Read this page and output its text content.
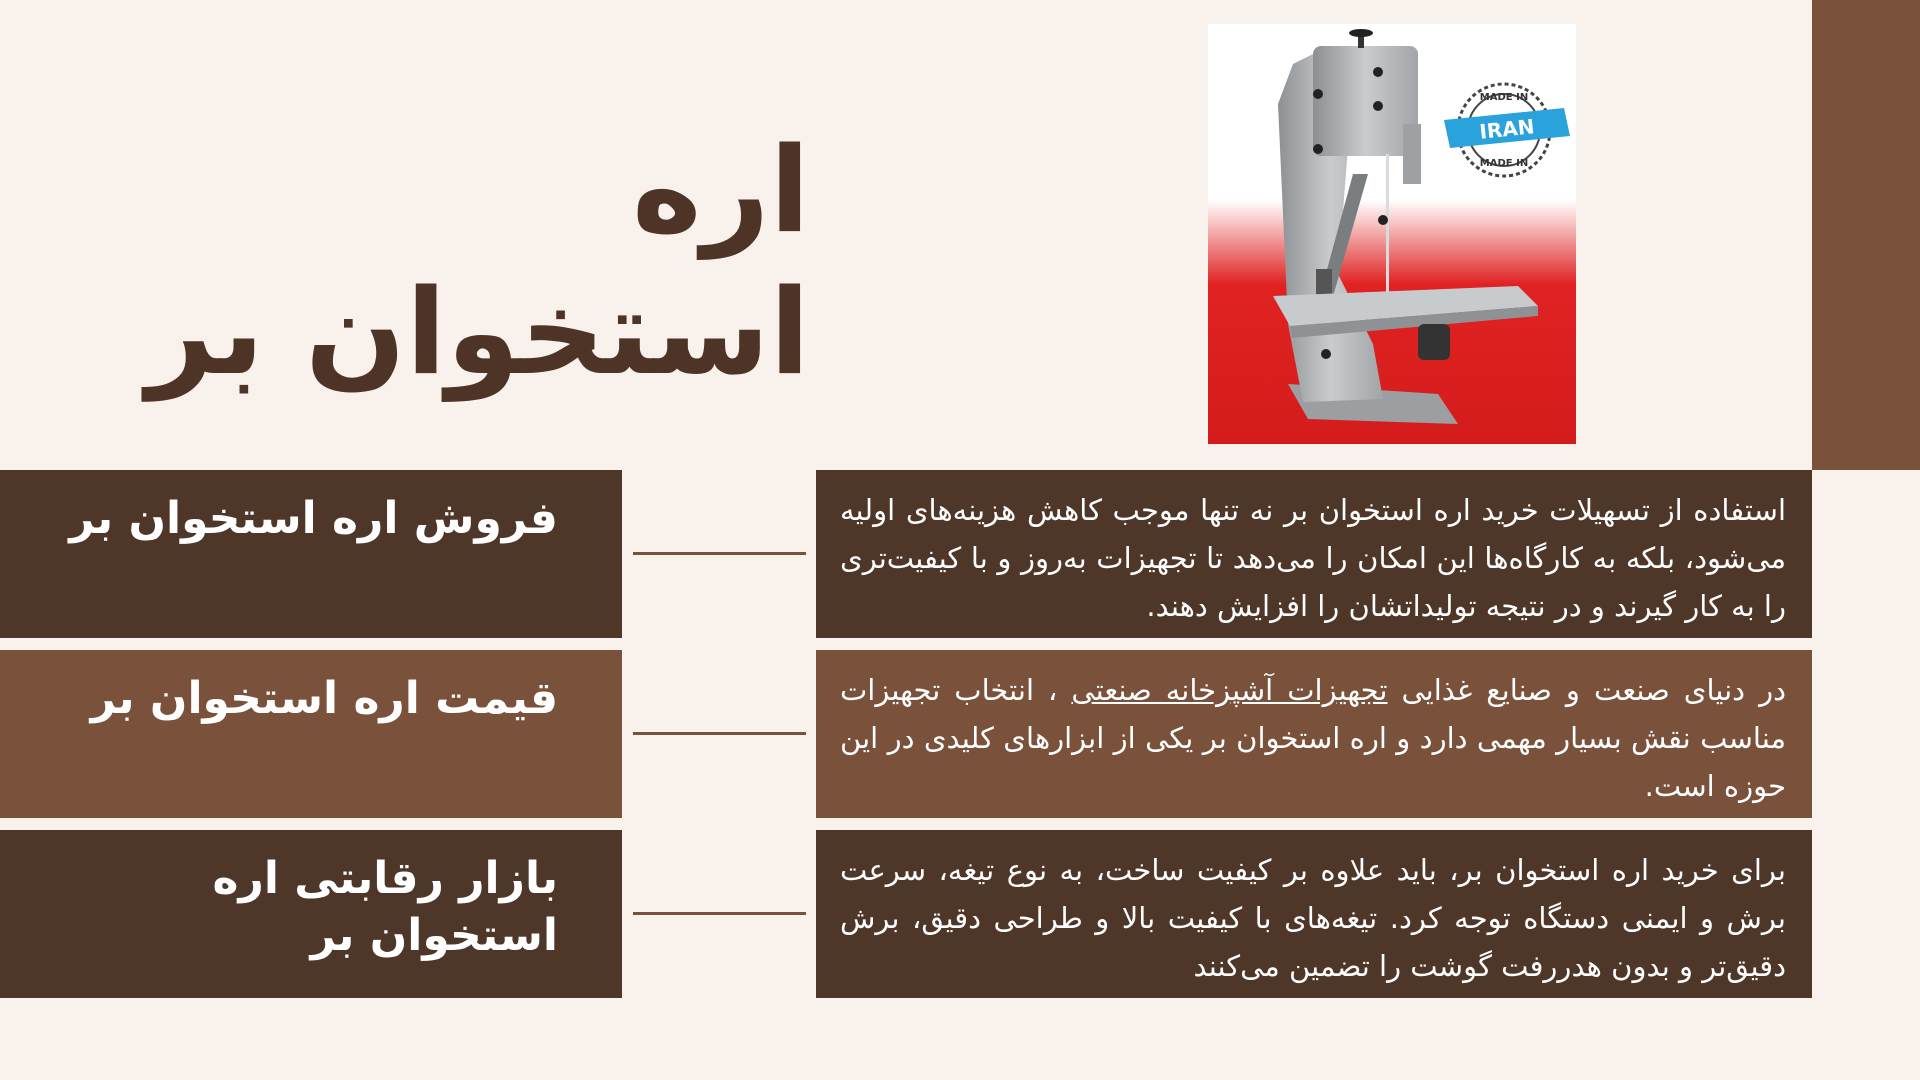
اره استخوان بر
IRAN
MADE IN
MADE IN
فروش اره استخوان بر	استفاده از تسهیلات خرید اره استخوان بر نه تنها موجب کاهش هزینه‌های اولیه می‌شود، بلکه به کارگاه‌ها این امکان را می‌دهد تا تجهیزات به‌روز و با کیفیت‌تری را به کار گیرند و در نتیجه تولیداتشان را افزایش دهند.
قیمت اره استخوان بر	در دنیای صنعت و صنایع غذایی تجهیزات آشپزخانه صنعتی ، انتخاب تجهیزات مناسب نقش بسیار مهمی دارد و اره استخوان بر یکی از ابزارهای کلیدی در این حوزه است.
بازار رقابتی اره استخوان بر
برای خرید اره استخوان بر، باید علاوه بر کیفیت ساخت، به نوع تیغه، سرعت برش و ایمنی دستگاه توجه کرد. تیغه‌های با کیفیت بالا و طراحی دقیق، برش دقیق‌تر و بدون هدررفت گوشت را تضمین می‌کنند
